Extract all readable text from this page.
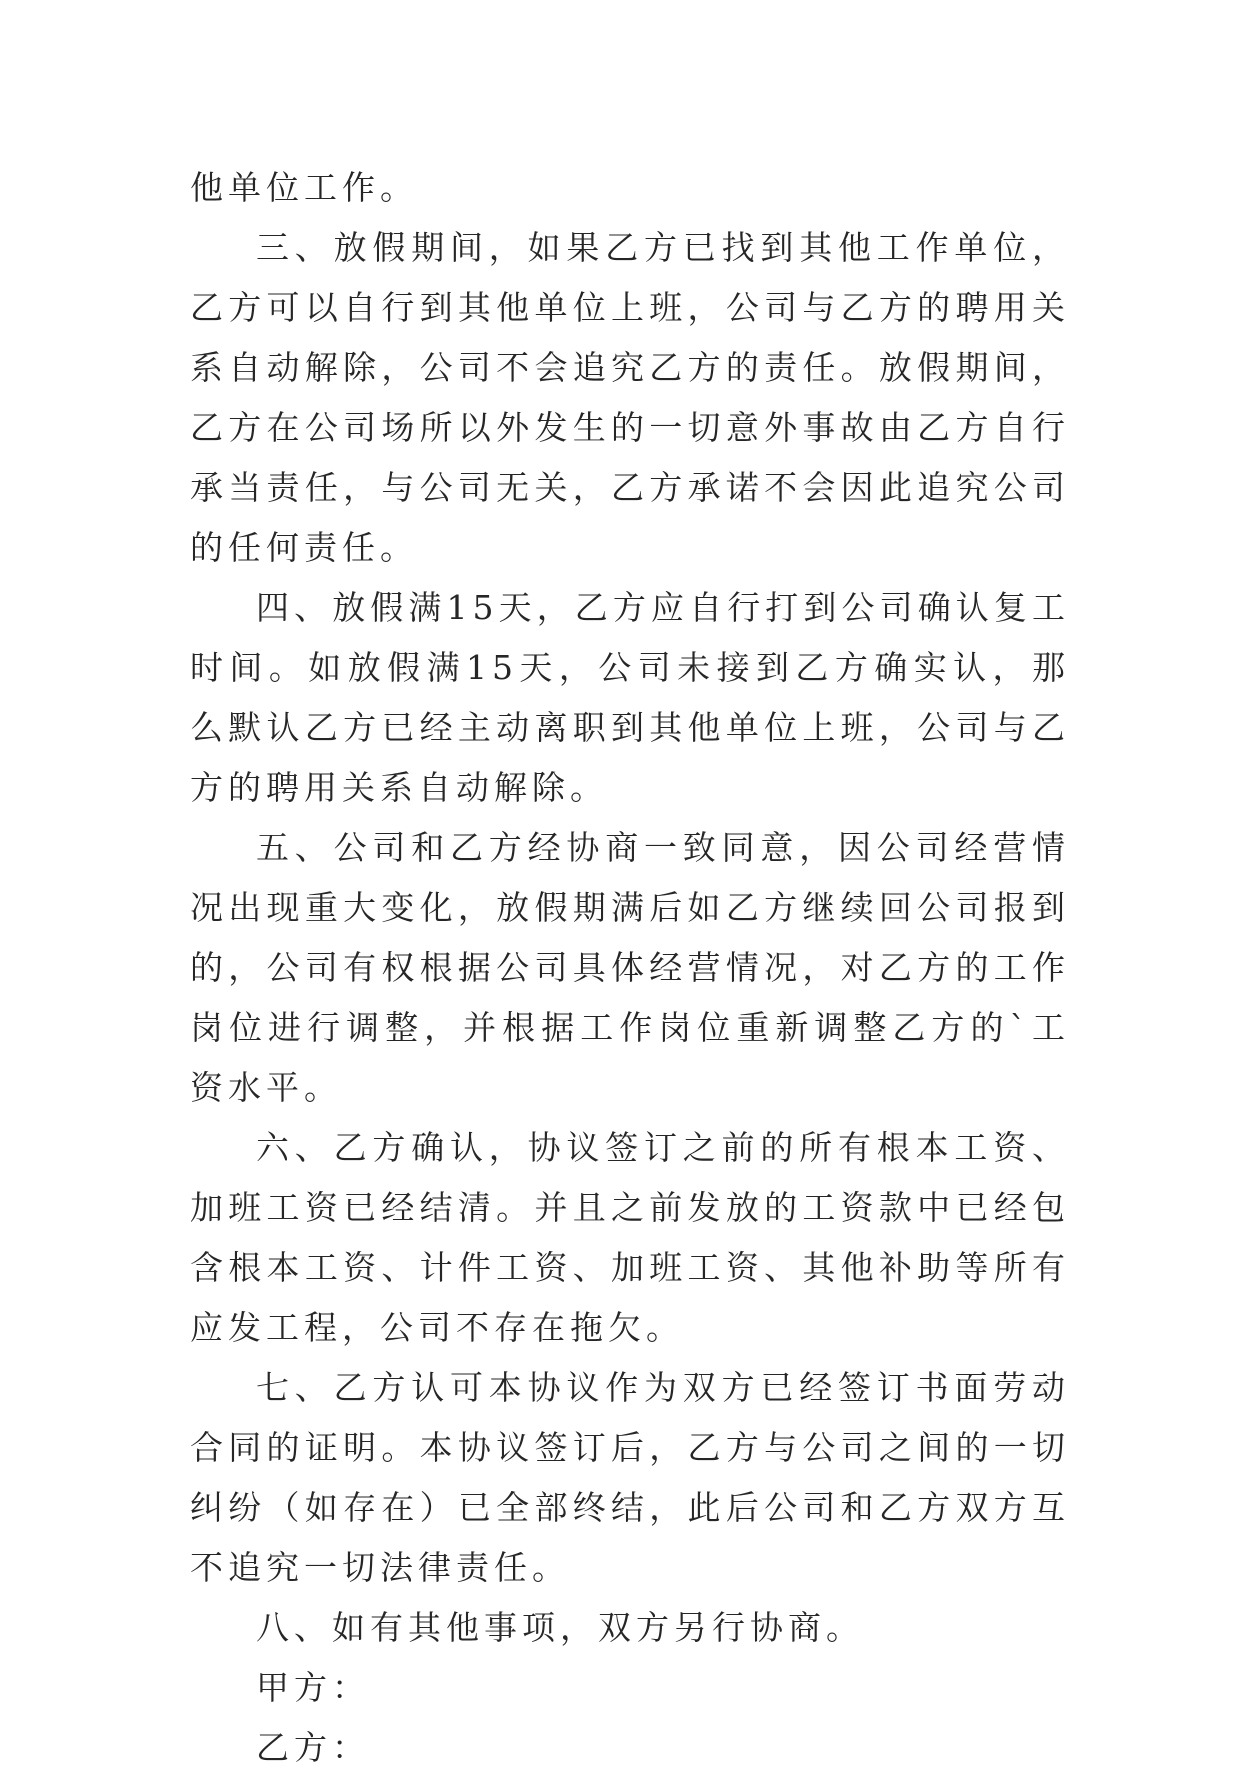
他单位工作。

三、放假期间，如果乙方已找到其他工作单位，乙方可以自行到其他单位上班，公司与乙方的聘用关系自动解除，公司不会追究乙方的责任。放假期间，乙方在公司场所以外发生的一切意外事故由乙方自行承当责任，与公司无关，乙方承诺不会因此追究公司的任何责任。

四、放假满15天，乙方应自行打到公司确认复工时间。如放假满15天，公司未接到乙方确实认，那么默认乙方已经主动离职到其他单位上班，公司与乙方的聘用关系自动解除。

五、公司和乙方经协商一致同意，因公司经营情况出现重大变化，放假期满后如乙方继续回公司报到的，公司有权根据公司具体经营情况，对乙方的工作岗位进行调整，并根据工作岗位重新调整乙方的`工资水平。

六、乙方确认，协议签订之前的所有根本工资、加班工资已经结清。并且之前发放的工资款中已经包含根本工资、计件工资、加班工资、其他补助等所有应发工程，公司不存在拖欠。

七、乙方认可本协议作为双方已经签订书面劳动合同的证明。本协议签订后，乙方与公司之间的一切纠纷（如存在）已全部终结，此后公司和乙方双方互不追究一切法律责任。

八、如有其他事项，双方另行协商。

甲方：

乙方：
